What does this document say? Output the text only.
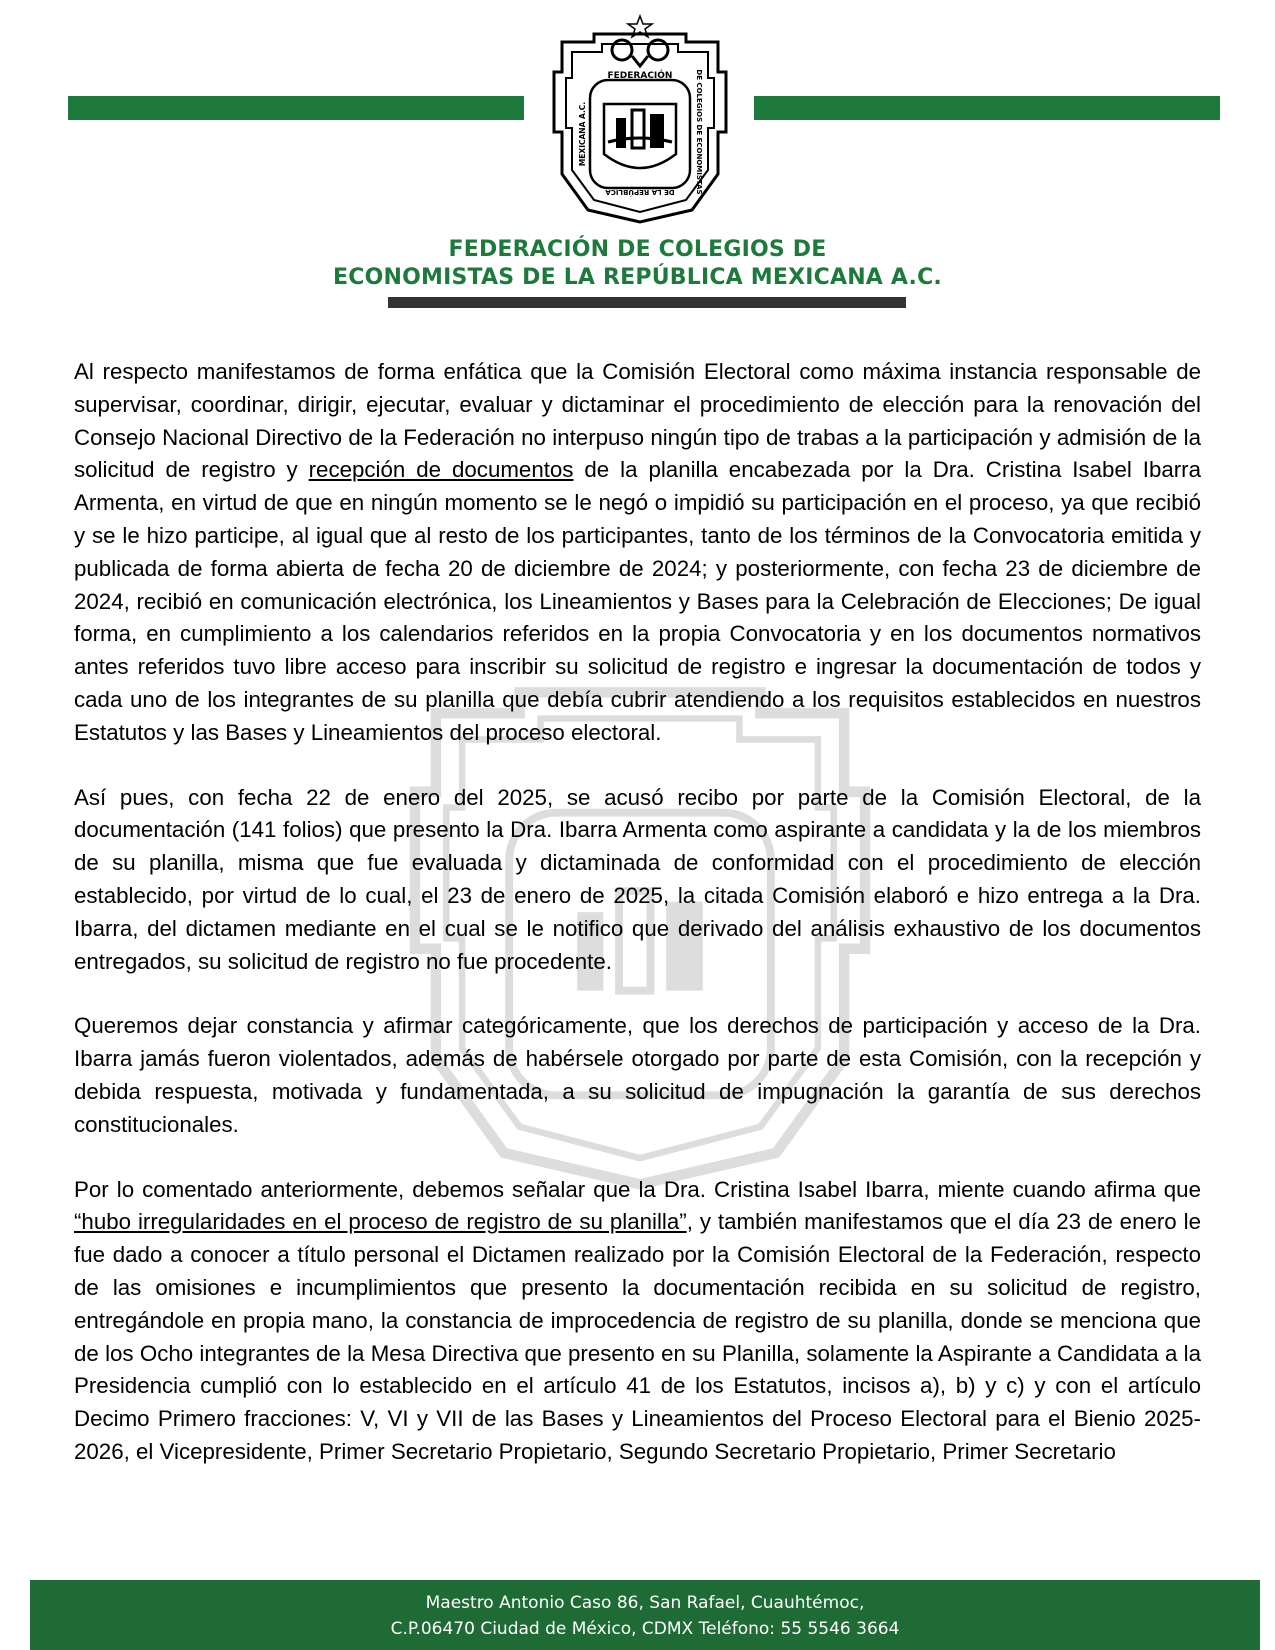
FEDERACIÓN
DE LA REPÚBLICA
MEXICANA A.C.	DE COLEGIOS DE ECONOMISTAS
FEDERACIÓN DE COLEGIOS DE
ECONOMISTAS DE LA REPÚBLICA MEXICANA A.C.

Al respecto manifestamos de forma enfática que la Comisión Electoral como máxima instancia responsable de supervisar, coordinar, dirigir, ejecutar, evaluar y dictaminar el procedimiento de elección para la renovación del Consejo Nacional Directivo de la Federación no interpuso ningún tipo de trabas a la participación y admisión de la solicitud de registro y recepción de documentos de la planilla encabezada por la Dra. Cristina Isabel Ibarra Armenta, en virtud de que en ningún momento se le negó o impidió su participación en el proceso, ya que recibió y se le hizo participe, al igual que al resto de los participantes, tanto de los términos de la Convocatoria emitida y publicada de forma abierta de fecha 20 de diciembre de 2024; y posteriormente, con fecha 23 de diciembre de 2024, recibió en comunicación electrónica, los Lineamientos y Bases para la Celebración de Elecciones; De igual forma, en cumplimiento a los calendarios referidos en la propia Convocatoria y en los documentos normativos antes referidos tuvo libre acceso para inscribir su solicitud de registro e ingresar la documentación de todos y cada uno de los integrantes de su planilla que debía cubrir atendiendo a los requisitos establecidos en nuestros Estatutos y las Bases y Lineamientos del proceso electoral.

Así pues, con fecha 22 de enero del 2025, se acusó recibo por parte de la Comisión Electoral, de la documentación (141 folios) que presento la Dra. Ibarra Armenta como aspirante a candidata y la de los miembros de su planilla, misma que fue evaluada y dictaminada de conformidad con el procedimiento de elección establecido, por virtud de lo cual, el 23 de enero de 2025, la citada Comisión elaboró e hizo entrega a la Dra. Ibarra, del dictamen mediante en el cual se le notifico que derivado del análisis exhaustivo de los documentos entregados, su solicitud de registro no fue procedente.

Queremos dejar constancia y afirmar categóricamente, que los derechos de participación y acceso de la Dra. Ibarra jamás fueron violentados, además de habérsele otorgado por parte de esta Comisión, con la recepción y debida respuesta, motivada y fundamentada, a su solicitud de impugnación la garantía de sus derechos constitucionales.

Por lo comentado anteriormente, debemos señalar que la Dra. Cristina Isabel Ibarra, miente cuando afirma que “hubo irregularidades en el proceso de registro de su planilla”, y también manifestamos que el día 23 de enero le fue dado a conocer a título personal el Dictamen realizado por la Comisión Electoral de la Federación, respecto de las omisiones e incumplimientos que presento la documentación recibida en su solicitud de registro, entregándole en propia mano, la constancia de improcedencia de registro de su planilla, donde se menciona que de los Ocho integrantes de la Mesa Directiva que presento en su Planilla, solamente la Aspirante a Candidata a la Presidencia cumplió con lo establecido en el artículo 41 de los Estatutos, incisos a), b) y c) y con el artículo Decimo Primero fracciones: V, VI y VII de las Bases y Lineamientos del Proceso Electoral para el Bienio 2025-2026, el Vicepresidente, Primer Secretario Propietario, Segundo Secretario Propietario, Primer Secretario

Maestro Antonio Caso 86, San Rafael, Cuauhtémoc,
C.P.06470 Ciudad de México, CDMX Teléfono: 55 5546 3664
